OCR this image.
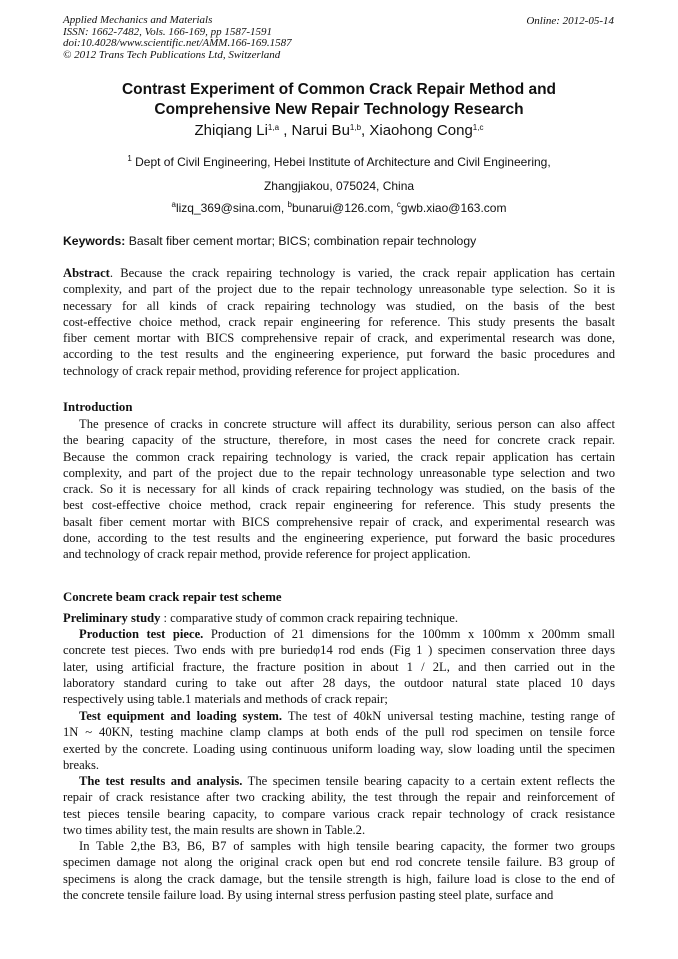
Applied Mechanics and Materials
ISSN: 1662-7482, Vols. 166-169, pp 1587-1591
doi:10.4028/www.scientific.net/AMM.166-169.1587
© 2012 Trans Tech Publications Ltd, Switzerland
Online: 2012-05-14
Contrast Experiment of Common Crack Repair Method and
Comprehensive New Repair Technology Research
Zhiqiang Li$^{1,a}$ , Narui Bu$^{1,b}$, Xiaohong Cong$^{1,c}$
$^1$ Dept of Civil Engineering, Hebei Institute of Architecture and Civil Engineering,
Zhangjiakou, 075024, China
$^a$lizq_369@sina.com, $^b$bunarui@126.com, $^c$gwb.xiao@163.com
Keywords: Basalt fiber cement mortar; BICS; combination repair technology
Abstract. Because the crack repairing technology is varied, the crack repair application has certain
complexity, and part of the project due to the repair technology unreasonable type selection. So it is
necessary for all kinds of crack repairing technology was studied, on the basis of the best
cost-effective choice method, crack repair engineering for reference. This study presents the basalt
fiber cement mortar with BICS comprehensive repair of crack, and experimental research was done,
according to the test results and the engineering experience, put forward the basic procedures and
technology of crack repair method, providing reference for project application.
Introduction
The presence of cracks in concrete structure will affect its durability, serious person can also affect
the bearing capacity of the structure, therefore, in most cases the need for concrete crack repair.
Because the common crack repairing technology is varied, the crack repair application has certain
complexity, and part of the project due to the repair technology unreasonable type selection and two
crack. So it is necessary for all kinds of crack repairing technology was studied, on the basis of the
best cost-effective choice method, crack repair engineering for reference. This study presents the
basalt fiber cement mortar with BICS comprehensive repair of crack, and experimental research was
done, according to the test results and the engineering experience, put forward the basic procedures
and technology of crack repair method, provide reference for project application.
Concrete beam crack repair test scheme
Preliminary study : comparative study of common crack repairing technique.
Production test piece. Production of 21 dimensions for the 100mm x 100mm x 200mm small
concrete test pieces. Two ends with pre buriedφ14 rod ends (Fig 1 ) specimen conservation three days
later, using artificial fracture, the fracture position in about 1 / 2L, and then carried out in the
laboratory standard curing to take out after 28 days, the outdoor natural state placed 10 days
respectively using table.1 materials and methods of crack repair;
Test equipment and loading system. The test of 40kN universal testing machine, testing range of
1N ~ 40KN, testing machine clamp clamps at both ends of the pull rod specimen on tensile force
exerted by the concrete. Loading using continuous uniform loading way, slow loading until the specimen
breaks.
The test results and analysis. The specimen tensile bearing capacity to a certain extent reflects the
repair of crack resistance after two cracking ability, the test through the repair and reinforcement of
test pieces tensile bearing capacity, to compare various crack repair technology of crack resistance
two times ability test, the main results are shown in Table.2.
In Table 2,the B3, B6, B7 of samples with high tensile bearing capacity, the former two groups
specimen damage not along the original crack open but end rod concrete tensile failure. B3 group of
specimens is along the crack damage, but the tensile strength is high, failure load is close to the end of
the concrete tensile failure load. By using internal stress perfusion pasting steel plate, surface and
